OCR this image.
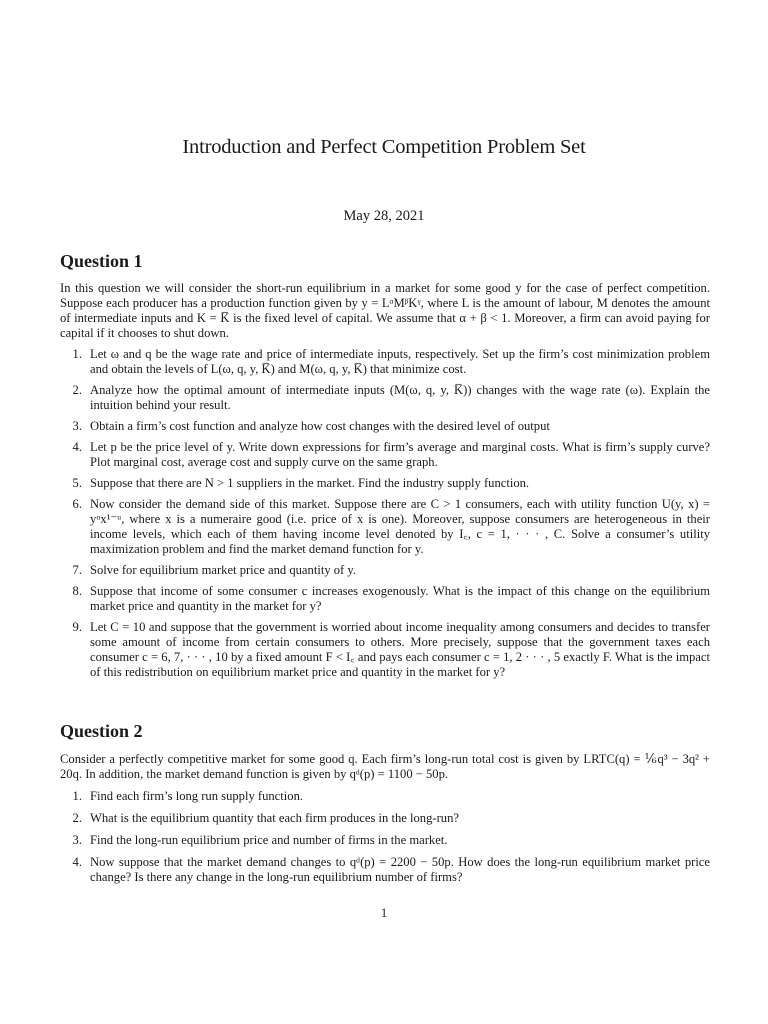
Introduction and Perfect Competition Problem Set
May 28, 2021
Question 1
In this question we will consider the short-run equilibrium in a market for some good y for the case of perfect competition. Suppose each producer has a production function given by y = LᵅMᵝKᵞ, where L is the amount of labour, M denotes the amount of intermediate inputs and K = K̅ is the fixed level of capital. We assume that α + β < 1. Moreover, a firm can avoid paying for capital if it chooses to shut down.
1. Let ω and q be the wage rate and price of intermediate inputs, respectively. Set up the firm’s cost minimization problem and obtain the levels of L(ω, q, y, K̅) and M(ω, q, y, K̅) that minimize cost.
2. Analyze how the optimal amount of intermediate inputs (M(ω, q, y, K̅)) changes with the wage rate (ω). Explain the intuition behind your result.
3. Obtain a firm’s cost function and analyze how cost changes with the desired level of output
4. Let p be the price level of y. Write down expressions for firm’s average and marginal costs. What is firm’s supply curve? Plot marginal cost, average cost and supply curve on the same graph.
5. Suppose that there are N > 1 suppliers in the market. Find the industry supply function.
6. Now consider the demand side of this market. Suppose there are C > 1 consumers, each with utility function U(y, x) = yᵘx¹⁻ᵘ, where x is a numeraire good (i.e. price of x is one). Moreover, suppose consumers are heterogeneous in their income levels, which each of them having income level denoted by I꜀, c = 1, · · · , C. Solve a consumer’s utility maximization problem and find the market demand function for y.
7. Solve for equilibrium market price and quantity of y.
8. Suppose that income of some consumer c increases exogenously. What is the impact of this change on the equilibrium market price and quantity in the market for y?
9. Let C = 10 and suppose that the government is worried about income inequality among consumers and decides to transfer some amount of income from certain consumers to others. More precisely, suppose that the government taxes each consumer c = 6, 7, · · · , 10 by a fixed amount F < I꜀ and pays each consumer c = 1, 2 · · · , 5 exactly F. What is the impact of this redistribution on equilibrium market price and quantity in the market for y?
Question 2
Consider a perfectly competitive market for some good q. Each firm’s long-run total cost is given by LRTC(q) = ⅙q³ − 3q² + 20q. In addition, the market demand function is given by qᵈ(p) = 1100 − 50p.
1. Find each firm’s long run supply function.
2. What is the equilibrium quantity that each firm produces in the long-run?
3. Find the long-run equilibrium price and number of firms in the market.
4. Now suppose that the market demand changes to qᵈ(p) = 2200 − 50p. How does the long-run equilibrium market price change? Is there any change in the long-run equilibrium number of firms?
1
